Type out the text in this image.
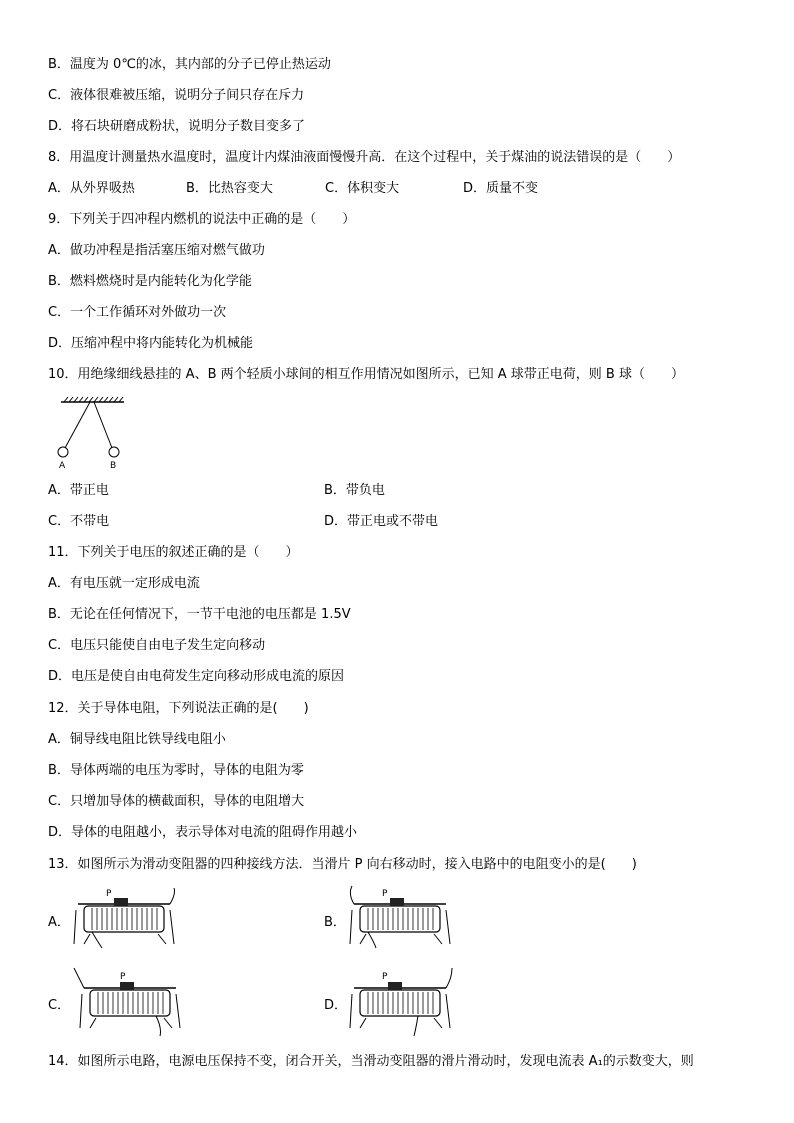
B．温度为 0℃的冰，其内部的分子已停止热运动
C．液体很难被压缩，说明分子间只存在斥力
D．将石块研磨成粉状，说明分子数目变多了
8．用温度计测量热水温度时，温度计内煤油液面慢慢升高．在这个过程中，关于煤油的说法错误的是（　　）
A．从外界吸热	B．比热容变大	C．体积变大	D．质量不变
9．下列关于四冲程内燃机的说法中正确的是（　　）
A．做功冲程是指活塞压缩对燃气做功
B．燃料燃烧时是内能转化为化学能
C．一个工作循环对外做功一次
D．压缩冲程中将内能转化为机械能
10．用绝缘细线悬挂的 A、B 两个轻质小球间的相互作用情况如图所示，已知 A 球带正电荷，则 B 球（　　）
A	B
A．带正电	B．带负电
C．不带电	D．带正电或不带电
11．下列关于电压的叙述正确的是（　　）
A．有电压就一定形成电流
B．无论在任何情况下，一节干电池的电压都是 1.5V
C．电压只能使自由电子发生定向移动
D．电压是使自由电荷发生定向移动形成电流的原因
12．关于导体电阻，下列说法正确的是(　　)
A．铜导线电阻比铁导线电阻小
B．导体两端的电压为零时，导体的电阻为零
C．只增加导体的横截面积，导体的电阻增大
D．导体的电阻越小，表示导体对电流的阻碍作用越小
13．如图所示为滑动变阻器的四种接线方法．当滑片 P 向右移动时，接入电路中的电阻变小的是(　　)
A．
P
B．
P
C．
P
D．
P
14．如图所示电路，电源电压保持不变，闭合开关，当滑动变阻器的滑片滑动时，发现电流表 A₁的示数变大，则
